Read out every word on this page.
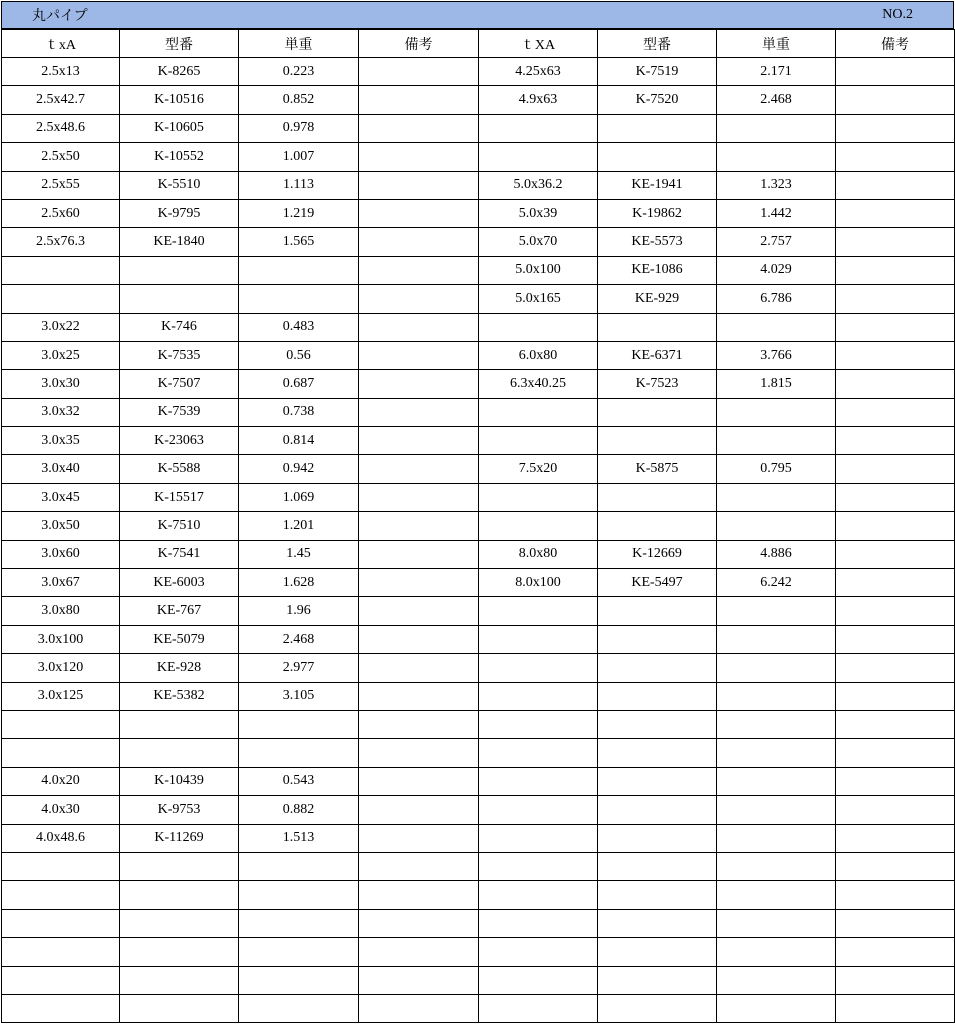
丸パイプ	NO.2
ｔxA	型番	単重	備考	ｔXA	型番	単重	備考
2.5x13	K-8265	0.223		4.25x63	K-7519	2.171	
2.5x42.7	K-10516	0.852		4.9x63	K-7520	2.468	
2.5x48.6	K-10605	0.978					
2.5x50	K-10552	1.007					
2.5x55	K-5510	1.113		5.0x36.2	KE-1941	1.323	
2.5x60	K-9795	1.219		5.0x39	K-19862	1.442	
2.5x76.3	KE-1840	1.565		5.0x70	KE-5573	2.757	
				5.0x100	KE-1086	4.029	
				5.0x165	KE-929	6.786	
3.0x22	K-746	0.483					
3.0x25	K-7535	0.56		6.0x80	KE-6371	3.766	
3.0x30	K-7507	0.687		6.3x40.25	K-7523	1.815	
3.0x32	K-7539	0.738					
3.0x35	K-23063	0.814					
3.0x40	K-5588	0.942		7.5x20	K-5875	0.795	
3.0x45	K-15517	1.069					
3.0x50	K-7510	1.201					
3.0x60	K-7541	1.45		8.0x80	K-12669	4.886	
3.0x67	KE-6003	1.628		8.0x100	KE-5497	6.242	
3.0x80	KE-767	1.96					
3.0x100	KE-5079	2.468					
3.0x120	KE-928	2.977					
3.0x125	KE-5382	3.105					

4.0x20	K-10439	0.543					
4.0x30	K-9753	0.882					
4.0x48.6	K-11269	1.513					
